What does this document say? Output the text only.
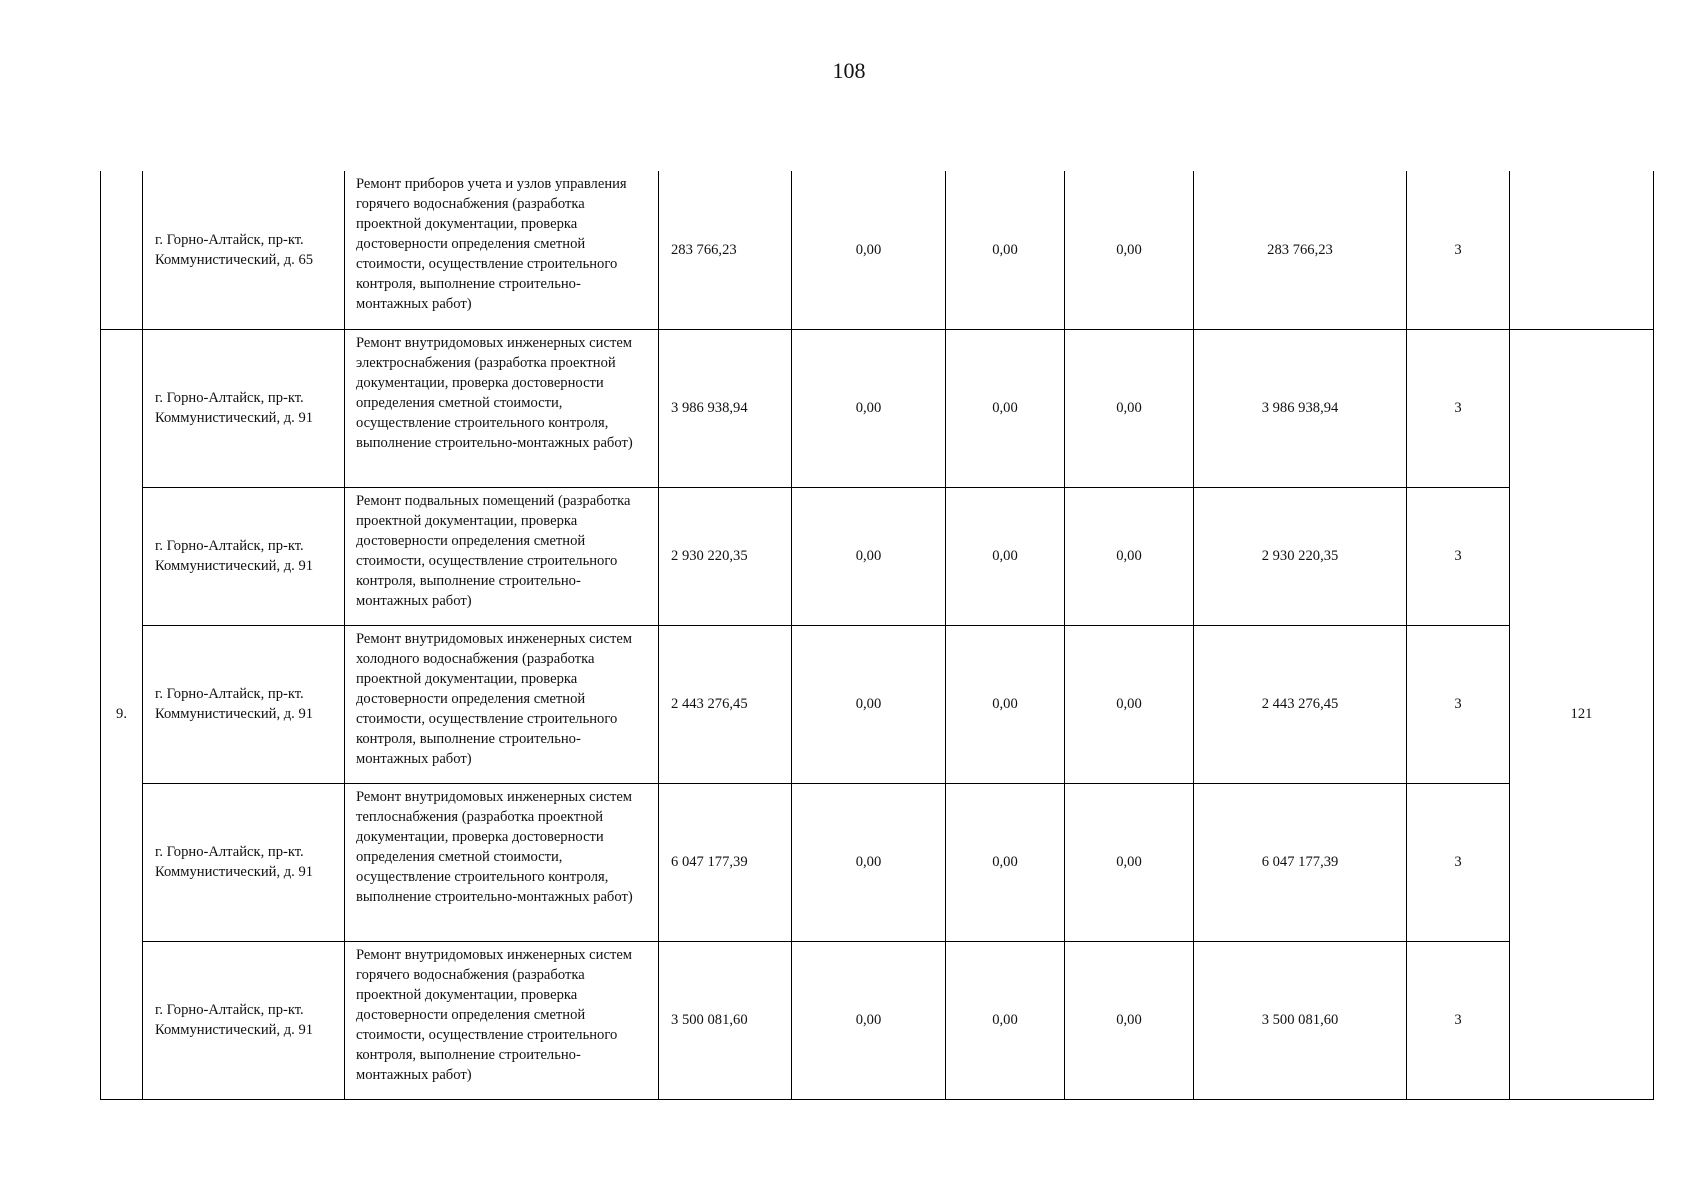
108
	г. Горно-Алтайск, пр-кт. Коммунистический, д. 65	Ремонт приборов учета и узлов управления горячего водоснабжения (разработка проектной документации, проверка достоверности определения сметной стоимости, осуществление строительного контроля, выполнение строительно-монтажных работ)	283 766,23	0,00	0,00	0,00	283 766,23	3	
9.	г. Горно-Алтайск, пр-кт. Коммунистический, д. 91	Ремонт внутридомовых инженерных систем электроснабжения (разработка проектной документации, проверка достоверности определения сметной стоимости, осуществление строительного контроля, выполнение строительно-монтажных работ)	3 986 938,94	0,00	0,00	0,00	3 986 938,94	3	121
	г. Горно-Алтайск, пр-кт. Коммунистический, д. 91	Ремонт подвальных помещений (разработка проектной документации, проверка достоверности определения сметной стоимости, осуществление строительного контроля, выполнение строительно-монтажных работ)	2 930 220,35	0,00	0,00	0,00	2 930 220,35	3	
	г. Горно-Алтайск, пр-кт. Коммунистический, д. 91	Ремонт внутридомовых инженерных систем холодного водоснабжения (разработка проектной документации, проверка достоверности определения сметной стоимости, осуществление строительного контроля, выполнение строительно-монтажных работ)	2 443 276,45	0,00	0,00	0,00	2 443 276,45	3	
	г. Горно-Алтайск, пр-кт. Коммунистический, д. 91	Ремонт внутридомовых инженерных систем теплоснабжения (разработка проектной документации, проверка достоверности определения сметной стоимости, осуществление строительного контроля, выполнение строительно-монтажных работ)	6 047 177,39	0,00	0,00	0,00	6 047 177,39	3	
	г. Горно-Алтайск, пр-кт. Коммунистический, д. 91	Ремонт внутридомовых инженерных систем горячего водоснабжения (разработка проектной документации, проверка достоверности определения сметной стоимости, осуществление строительного контроля, выполнение строительно-монтажных работ)	3 500 081,60	0,00	0,00	0,00	3 500 081,60	3	
